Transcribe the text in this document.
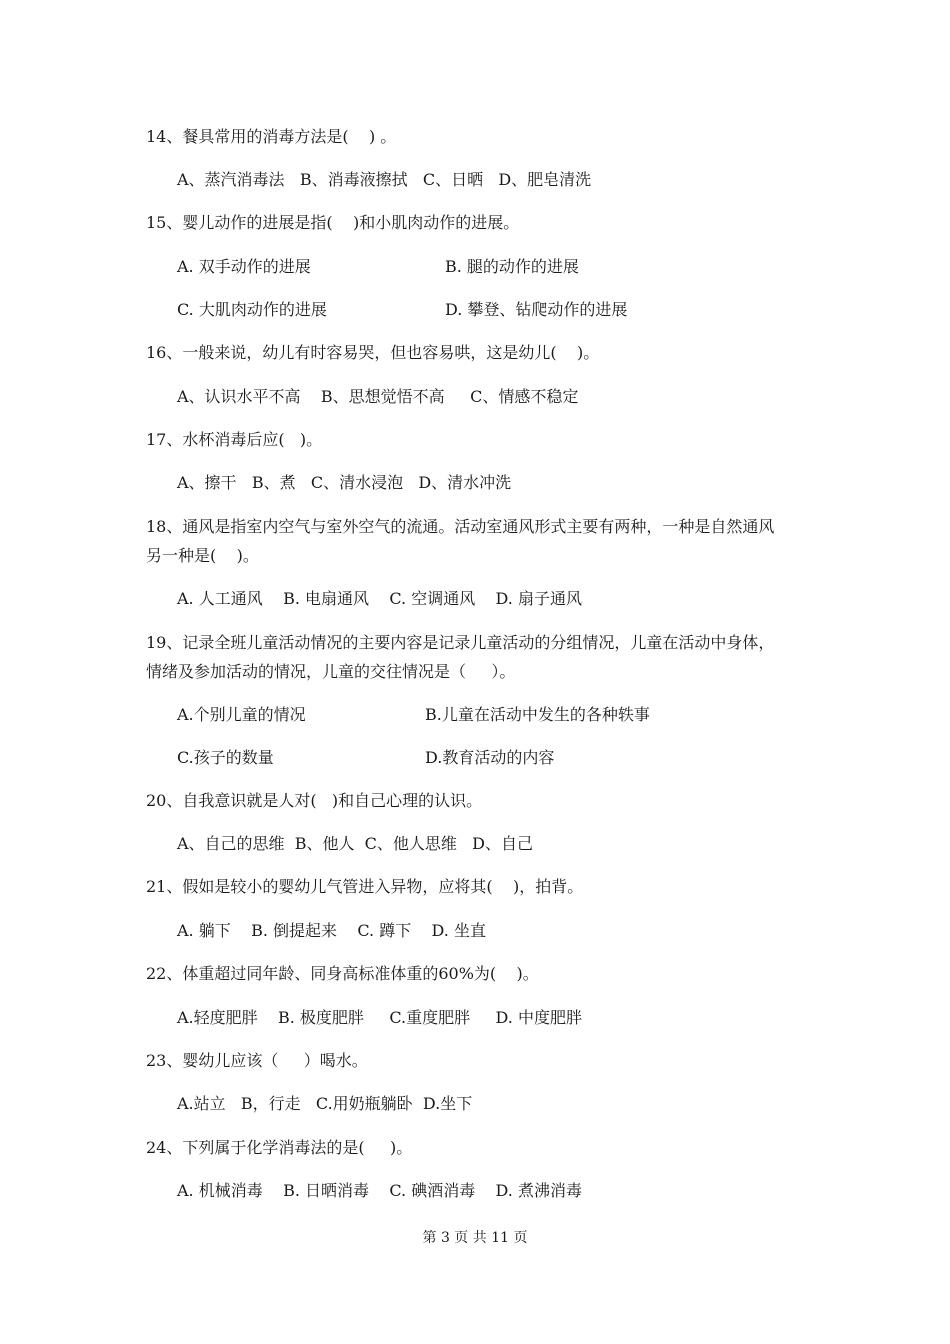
14、餐具常用的消毒方法是(    ) 。
A、蒸汽消毒法   B、消毒液擦拭   C、日晒   D、肥皂清洗
15、婴儿动作的进展是指(    )和小肌肉动作的进展。
A. 双手动作的进展	B. 腿的动作的进展
C. 大肌肉动作的进展	D. 攀登、钻爬动作的进展
16、一般来说，幼儿有时容易哭，但也容易哄，这是幼儿(    )。
A、认识水平不高    B、思想觉悟不高     C、情感不稳定
17、水杯消毒后应(   )。
A、擦干   B、煮   C、清水浸泡   D、清水冲洗
18、通风是指室内空气与室外空气的流通。活动室通风形式主要有两种，一种是自然通风
另一种是(    )。
A. 人工通风    B. 电扇通风    C. 空调通风    D. 扇子通风
19、记录全班儿童活动情况的主要内容是记录儿童活动的分组情况，儿童在活动中身体，
情绪及参加活动的情况，儿童的交往情况是（     ）。
A.个别儿童的情况	B.儿童在活动中发生的各种轶事
C.孩子的数量	D.教育活动的内容
20、自我意识就是人对(   )和自己心理的认识。
A、自己的思维  B、他人  C、他人思维   D、自己
21、假如是较小的婴幼儿气管进入异物，应将其(    )，拍背。
A. 躺下    B. 倒提起来    C. 蹲下    D. 坐直
22、体重超过同年龄、同身高标准体重的60%为(    )。
A.轻度肥胖    B. 极度肥胖     C.重度肥胖     D. 中度肥胖
23、婴幼儿应该（     ）喝水。
A.站立   B，行走   C.用奶瓶躺卧  D.坐下
24、下列属于化学消毒法的是(     )。
A. 机械消毒    B. 日晒消毒    C. 碘酒消毒    D. 煮沸消毒
第 3 页 共 11 页
